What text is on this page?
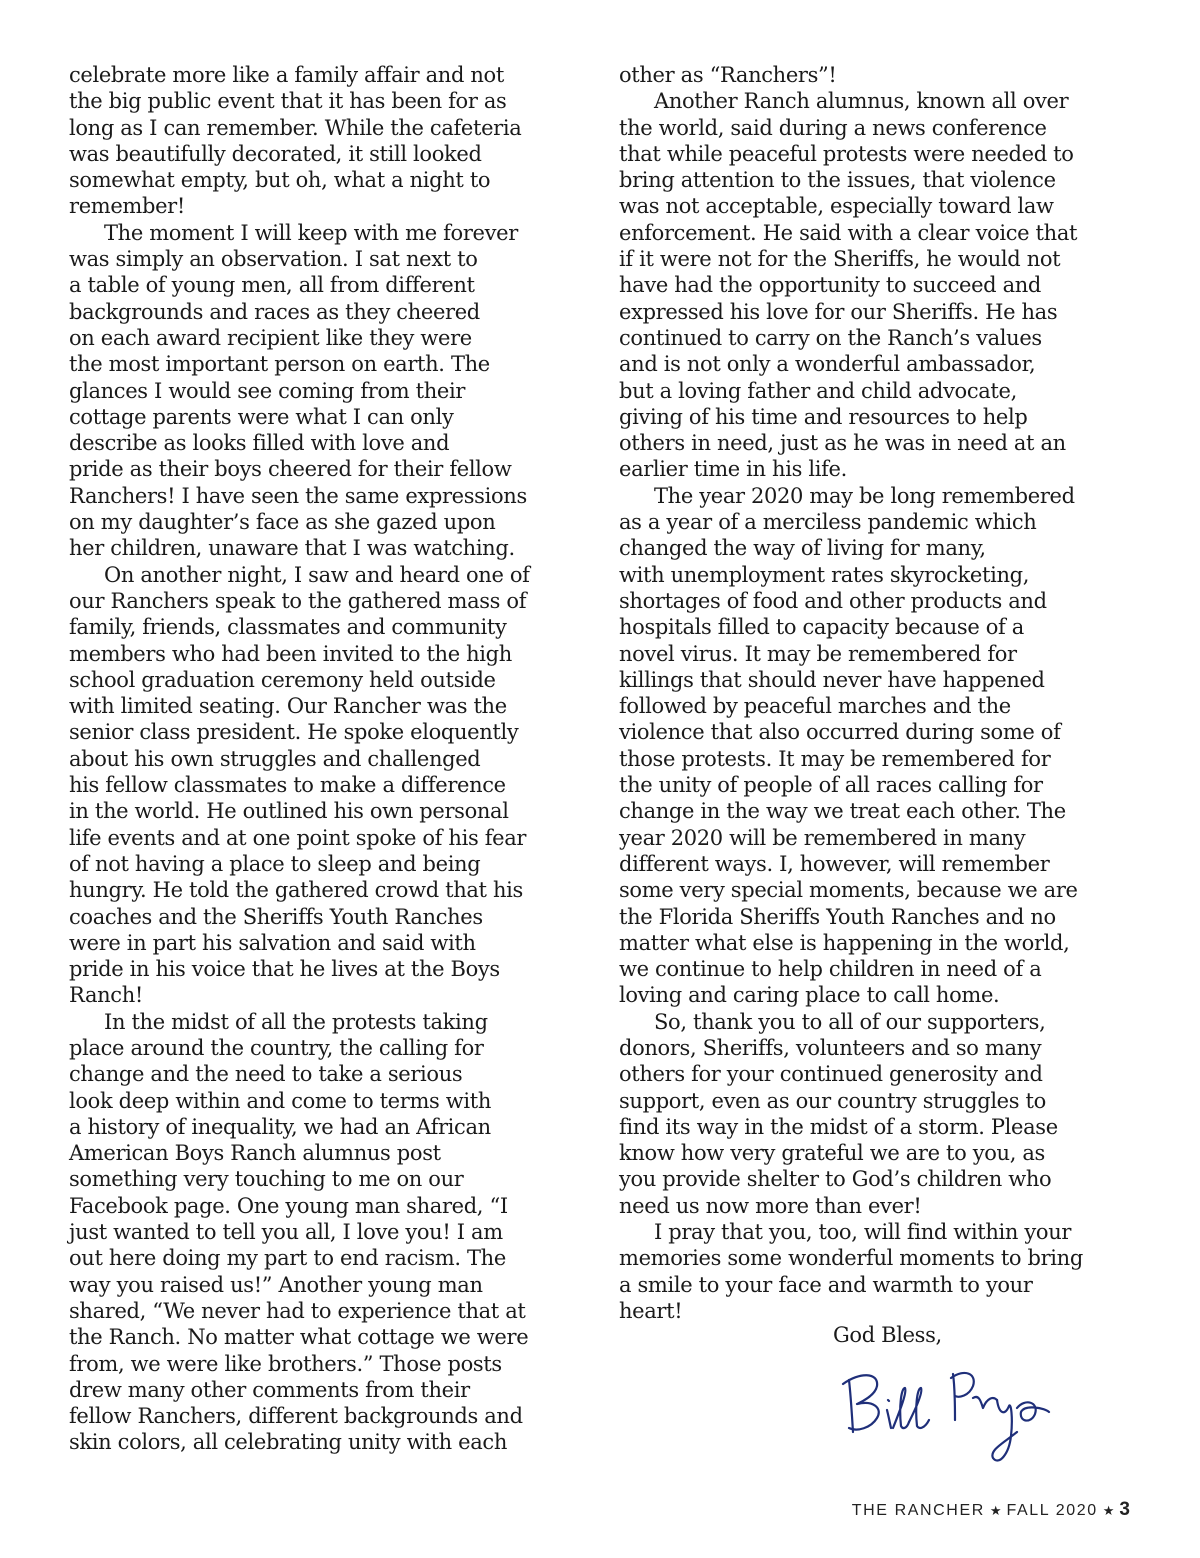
celebrate more like a family affair and not
the big public event that it has been for as
long as I can remember. While the cafeteria
was beautifully decorated, it still looked
somewhat empty, but oh, what a night to
remember!
The moment I will keep with me forever
was simply an observation. I sat next to
a table of young men, all from different
backgrounds and races as they cheered
on each award recipient like they were
the most important person on earth. The
glances I would see coming from their
cottage parents were what I can only
describe as looks filled with love and
pride as their boys cheered for their fellow
Ranchers! I have seen the same expressions
on my daughter’s face as she gazed upon
her children, unaware that I was watching.
On another night, I saw and heard one of
our Ranchers speak to the gathered mass of
family, friends, classmates and community
members who had been invited to the high
school graduation ceremony held outside
with limited seating. Our Rancher was the
senior class president. He spoke eloquently
about his own struggles and challenged
his fellow classmates to make a difference
in the world. He outlined his own personal
life events and at one point spoke of his fear
of not having a place to sleep and being
hungry. He told the gathered crowd that his
coaches and the Sheriffs Youth Ranches
were in part his salvation and said with
pride in his voice that he lives at the Boys
Ranch!
In the midst of all the protests taking
place around the country, the calling for
change and the need to take a serious
look deep within and come to terms with
a history of inequality, we had an African
American Boys Ranch alumnus post
something very touching to me on our
Facebook page. One young man shared, “I
just wanted to tell you all, I love you! I am
out here doing my part to end racism. The
way you raised us!” Another young man
shared, “We never had to experience that at
the Ranch. No matter what cottage we were
from, we were like brothers.” Those posts
drew many other comments from their
fellow Ranchers, different backgrounds and
skin colors, all celebrating unity with each
other as “Ranchers”!
Another Ranch alumnus, known all over
the world, said during a news conference
that while peaceful protests were needed to
bring attention to the issues, that violence
was not acceptable, especially toward law
enforcement. He said with a clear voice that
if it were not for the Sheriffs, he would not
have had the opportunity to succeed and
expressed his love for our Sheriffs. He has
continued to carry on the Ranch’s values
and is not only a wonderful ambassador,
but a loving father and child advocate,
giving of his time and resources to help
others in need, just as he was in need at an
earlier time in his life.
The year 2020 may be long remembered
as a year of a merciless pandemic which
changed the way of living for many,
with unemployment rates skyrocketing,
shortages of food and other products and
hospitals filled to capacity because of a
novel virus. It may be remembered for
killings that should never have happened
followed by peaceful marches and the
violence that also occurred during some of
those protests. It may be remembered for
the unity of people of all races calling for
change in the way we treat each other. The
year 2020 will be remembered in many
different ways. I, however, will remember
some very special moments, because we are
the Florida Sheriffs Youth Ranches and no
matter what else is happening in the world,
we continue to help children in need of a
loving and caring place to call home.
So, thank you to all of our supporters,
donors, Sheriffs, volunteers and so many
others for your continued generosity and
support, even as our country struggles to
find its way in the midst of a storm. Please
know how very grateful we are to you, as
you provide shelter to God’s children who
need us now more than ever!
I pray that you, too, will find within your
memories some wonderful moments to bring
a smile to your face and warmth to your
heart!
God Bless,
THE RANCHER ★ FALL 2020 ★ 3
